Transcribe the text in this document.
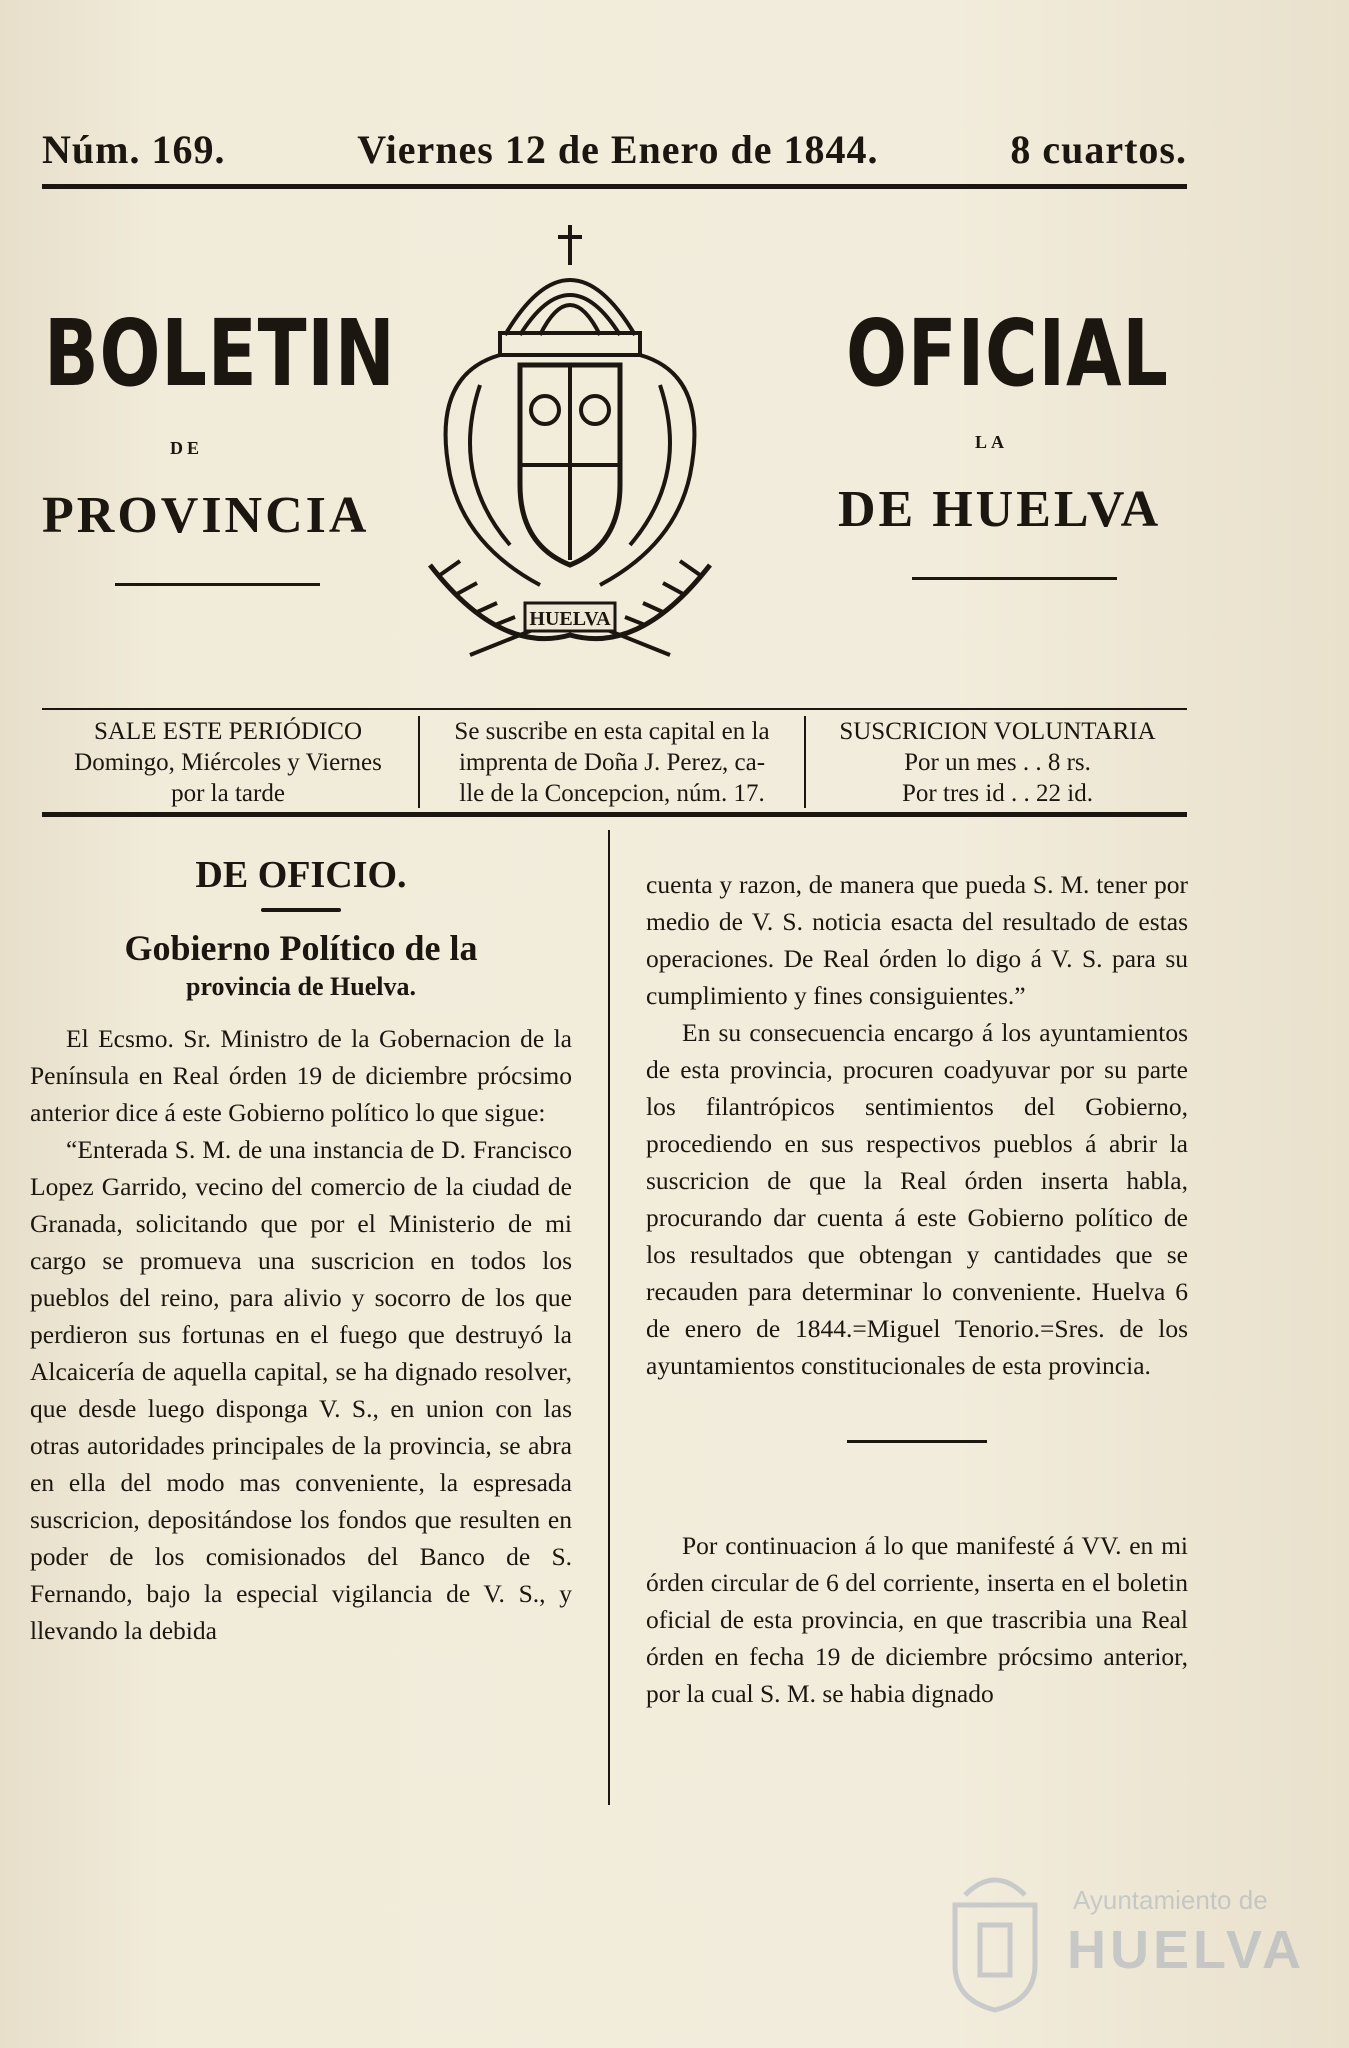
Núm. 169.	Viernes 12 de Enero de 1844.	8 cuartos.
BOLETIN	OFICIAL
DE	LA
PROVINCIA	DE HUELVA
HUELVA
SALE ESTE PERIÓDICO
Domingo, Miércoles y Viernes
por la tarde
Se suscribe en esta capital en la
imprenta de Doña J. Perez, ca-
lle de la Concepcion, núm. 17.
SUSCRICION VOLUNTARIA
Por un mes . . 8 rs.
Por tres id . . 22 id.
DE OFICIO.
Gobierno Político de la
provincia de Huelva.

El Ecsmo. Sr. Ministro de la Gobernacion de la Península en Real órden 19 de diciembre prócsimo anterior dice á este Gobierno político lo que sigue:

“Enterada S. M. de una instancia de D. Francisco Lopez Garrido, vecino del comercio de la ciudad de Granada, solicitando que por el Ministerio de mi cargo se promueva una suscricion en todos los pueblos del reino, para alivio y socorro de los que perdieron sus fortunas en el fuego que destruyó la Alcaicería de aquella capital, se ha dignado resolver, que desde luego disponga V. S., en union con las otras autoridades principales de la provincia, se abra en ella del modo mas conveniente, la espresada suscricion, depositándose los fondos que resulten en poder de los comisionados del Banco de S. Fernando, bajo la especial vigilancia de V. S., y llevando la debida

cuenta y razon, de manera que pueda S. M. tener por medio de V. S. noticia esacta del resultado de estas operaciones. De Real órden lo digo á V. S. para su cumplimiento y fines consiguientes.”

En su consecuencia encargo á los ayuntamientos de esta provincia, procuren coadyuvar por su parte los filantrópicos sentimientos del Gobierno, procediendo en sus respectivos pueblos á abrir la suscricion de que la Real órden inserta habla, procurando dar cuenta á este Gobierno político de los resultados que obtengan y cantidades que se recauden para determinar lo conveniente. Huelva 6 de enero de 1844.=Miguel Tenorio.=Sres. de los ayuntamientos constitucionales de esta provincia.

Por continuacion á lo que manifesté á VV. en mi órden circular de 6 del corriente, inserta en el boletin oficial de esta provincia, en que trascribia una Real órden en fecha 19 de diciembre prócsimo anterior, por la cual S. M. se habia dignado

Ayuntamiento de
HUELVA
